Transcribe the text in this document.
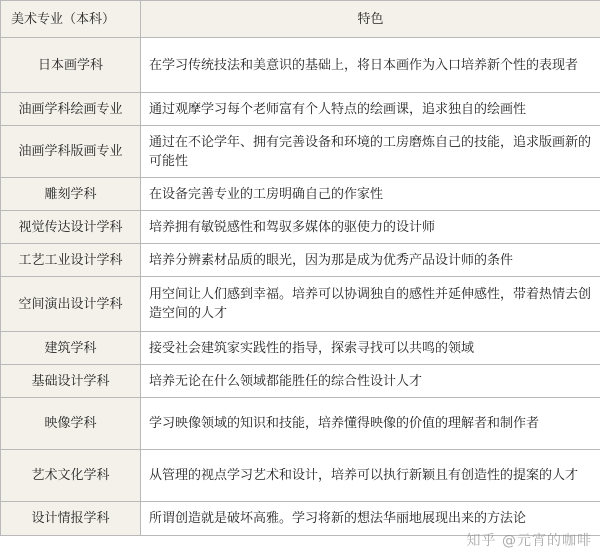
美术专业（本科）	特色
日本画学科	在学习传统技法和美意识的基础上，将日本画作为入口培养新个性的表现者
油画学科绘画专业	通过观摩学习每个老师富有个人特点的绘画课，追求独自的绘画性
油画学科版画专业	通过在不论学年、拥有完善设备和环境的工房磨炼自己的技能，追求版画新的可能性
雕刻学科	在设备完善专业的工房明确自己的作家性
视觉传达设计学科	培养拥有敏锐感性和驾驭多媒体的驱使力的设计师
工艺工业设计学科	培养分辨素材品质的眼光，因为那是成为优秀产品设计师的条件
空间演出设计学科	用空间让人们感到幸福。培养可以协调独自的感性并延伸感性，带着热情去创造空间的人才
建筑学科	接受社会建筑家实践性的指导，探索寻找可以共鸣的领域
基础设计学科	培养无论在什么领域都能胜任的综合性设计人才
映像学科	学习映像领域的知识和技能，培养懂得映像的价值的理解者和制作者
艺术文化学科	从管理的视点学习艺术和设计，培养可以执行新颖且有创造性的提案的人才
设计情报学科	所谓创造就是破坏高雅。学习将新的想法华丽地展现出来的方法论
知乎 @元宵的咖啡
